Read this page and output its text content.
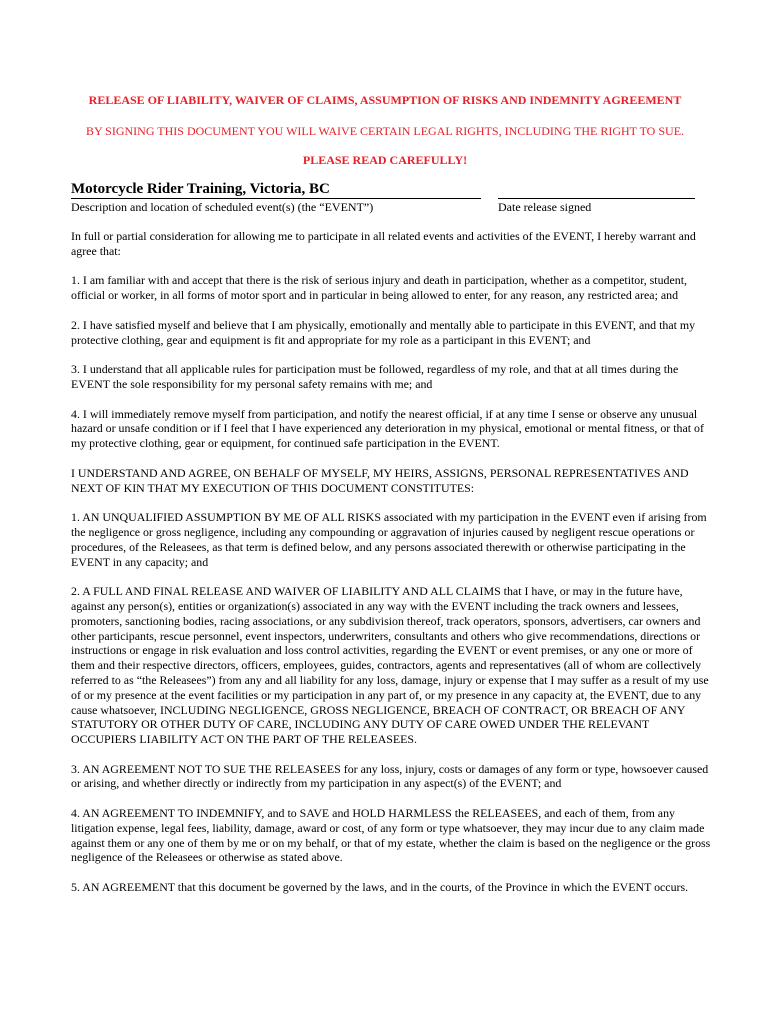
RELEASE OF LIABILITY, WAIVER OF CLAIMS, ASSUMPTION OF RISKS AND INDEMNITY AGREEMENT
BY SIGNING THIS DOCUMENT YOU WILL WAIVE CERTAIN LEGAL RIGHTS, INCLUDING THE RIGHT TO SUE.
PLEASE READ CAREFULLY!
Motorcycle Rider Training, Victoria, BC
Description and location of scheduled event(s) (the “EVENT”)	Date release signed

In full or partial consideration for allowing me to participate in all related events and activities of the EVENT, I hereby warrant and agree that:

1. I am familiar with and accept that there is the risk of serious injury and death in participation, whether as a competitor, student, official or worker, in all forms of motor sport and in particular in being allowed to enter, for any reason, any restricted area; and

2. I have satisfied myself and believe that I am physically, emotionally and mentally able to participate in this EVENT, and that my protective clothing, gear and equipment is fit and appropriate for my role as a participant in this EVENT; and

3. I understand that all applicable rules for participation must be followed, regardless of my role, and that at all times during the EVENT the sole responsibility for my personal safety remains with me; and

4. I will immediately remove myself from participation, and notify the nearest official, if at any time I sense or observe any unusual hazard or unsafe condition or if I feel that I have experienced any deterioration in my physical, emotional or mental fitness, or that of my protective clothing, gear or equipment, for continued safe participation in the EVENT.

I UNDERSTAND AND AGREE, ON BEHALF OF MYSELF, MY HEIRS, ASSIGNS, PERSONAL REPRESENTATIVES AND NEXT OF KIN THAT MY EXECUTION OF THIS DOCUMENT CONSTITUTES:

1. AN UNQUALIFIED ASSUMPTION BY ME OF ALL RISKS associated with my participation in the EVENT even if arising from the negligence or gross negligence, including any compounding or aggravation of injuries caused by negligent rescue operations or procedures, of the Releasees, as that term is defined below, and any persons associated therewith or otherwise participating in the EVENT in any capacity; and

2. A FULL AND FINAL RELEASE AND WAIVER OF LIABILITY AND ALL CLAIMS that I have, or may in the future have, against any person(s), entities or organization(s) associated in any way with the EVENT including the track owners and lessees, promoters, sanctioning bodies, racing associations, or any subdivision thereof, track operators, sponsors, advertisers, car owners and other participants, rescue personnel, event inspectors, underwriters, consultants and others who give recommendations, directions or instructions or engage in risk evaluation and loss control activities, regarding the EVENT or event premises, or any one or more of them and their respective directors, officers, employees, guides, contractors, agents and representatives (all of whom are collectively referred to as “the Releasees”) from any and all liability for any loss, damage, injury or expense that I may suffer as a result of my use of or my presence at the event facilities or my participation in any part of, or my presence in any capacity at, the EVENT, due to any cause whatsoever, INCLUDING NEGLIGENCE, GROSS NEGLIGENCE, BREACH OF CONTRACT, OR BREACH OF ANY STATUTORY OR OTHER DUTY OF CARE, INCLUDING ANY DUTY OF CARE OWED UNDER THE RELEVANT OCCUPIERS LIABILITY ACT ON THE PART OF THE RELEASEES.

3. AN AGREEMENT NOT TO SUE THE RELEASEES for any loss, injury, costs or damages of any form or type, howsoever caused or arising, and whether directly or indirectly from my participation in any aspect(s) of the EVENT; and

4. AN AGREEMENT TO INDEMNIFY, and to SAVE and HOLD HARMLESS the RELEASEES, and each of them, from any litigation expense, legal fees, liability, damage, award or cost, of any form or type whatsoever, they may incur due to any claim made against them or any one of them by me or on my behalf, or that of my estate, whether the claim is based on the negligence or the gross negligence of the Releasees or otherwise as stated above.

5. AN AGREEMENT that this document be governed by the laws, and in the courts, of the Province in which the EVENT occurs.
